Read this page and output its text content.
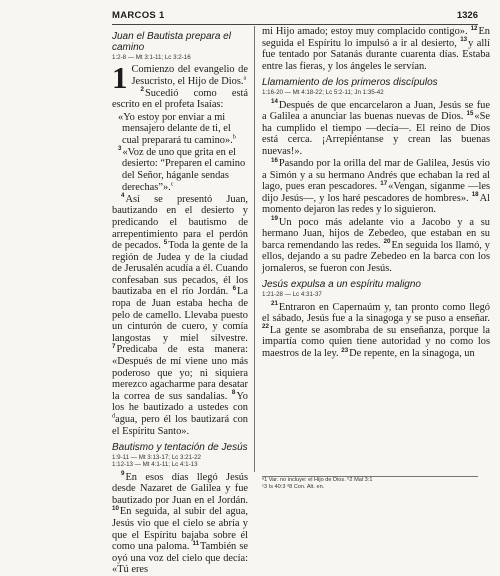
MARCOS 1	1326

Juan el Bautista prepara el camino

1:2-8 — Mt 3:1-11; Lc 3:2-16

1 Comienzo del evangelio de Jesucristo, el Hijo de Dios.$^a$

$^2$Sucedió como está escrito en el profeta Isaías:

«Yo estoy por enviar a mi mensajero delante de ti, el cual preparará tu camino».$^b$

$^3$«Voz de uno que grita en el desierto: “Preparen el camino del Señor, háganle sendas derechas”».$^c$

$^4$Así se presentó Juan, bautizando en el desierto y predicando el bautismo de arrepentimiento para el perdón de pecados. $^5$Toda la gente de la región de Judea y de la ciudad de Jerusalén acudía a él. Cuando confesaban sus pecados, él los bautizaba en el río Jordán. $^6$La ropa de Juan estaba hecha de pelo de camello. Llevaba puesto un cinturón de cuero, y comía langostas y miel silvestre. $^7$Predicaba de esta manera: «Después de mí viene uno más poderoso que yo; ni siquiera merezco agacharme para desatar la correa de sus sandalias. $^8$Yo los he bautizado a ustedes con $^d$agua, pero él los bautizará con el Espíritu Santo».

Bautismo y tentación de Jesús

1:9-11 — Mt 3:13-17; Lc 3:21-22
1:12-13 — Mt 4:1-11; Lc 4:1-13

$^9$En esos días llegó Jesús desde Nazaret de Galilea y fue bautizado por Juan en el Jordán. $^{10}$En seguida, al subir del agua, Jesús vio que el cielo se abría y que el Espíritu bajaba sobre él como una paloma. $^{11}$También se oyó una voz del cielo que decía: «Tú eres

mi Hijo amado; estoy muy complacido contigo». $^{12}$En seguida el Espíritu lo impulsó a ir al desierto, $^{13}$y allí fue tentado por Satanás durante cuarenta días. Estaba entre las fieras, y los ángeles le servían.

Llamamiento de los primeros discípulos

1:16-20 — Mt 4:18-22; Lc 5:2-11; Jn 1:35-42

$^{14}$Después de que encarcelaron a Juan, Jesús se fue a Galilea a anunciar las buenas nuevas de Dios. $^{15}$«Se ha cumplido el tiempo —decía—. El reino de Dios está cerca. ¡Arrepiéntanse y crean las buenas nuevas!».

$^{16}$Pasando por la orilla del mar de Galilea, Jesús vio a Simón y a su hermano Andrés que echaban la red al lago, pues eran pescadores. $^{17}$«Vengan, síganme —les dijo Jesús—, y los haré pescadores de hombres». $^{18}$Al momento dejaron las redes y lo siguieron.

$^{19}$Un poco más adelante vio a Jacobo y a su hermano Juan, hijos de Zebedeo, que estaban en su barca remendando las redes. $^{20}$En seguida los llamó, y ellos, dejando a su padre Zebedeo en la barca con los jornaleros, se fueron con Jesús.

Jesús expulsa a un espíritu maligno

1:21-28 — Lc 4:31-37

$^{21}$Entraron en Capernaúm y, tan pronto como llegó el sábado, Jesús fue a la sinagoga y se puso a enseñar. $^{22}$La gente se asombraba de su enseñanza, porque la impartía como quien tiene autoridad y no como los maestros de la ley. $^{23}$De repente, en la sinagoga, un

ᵃ1 Var. no incluye: el Hijo de Dios. ᵇ2 Mal 3:1
ᶜ3 Is 40:3 ᵈ8 Con. Alt. en.
